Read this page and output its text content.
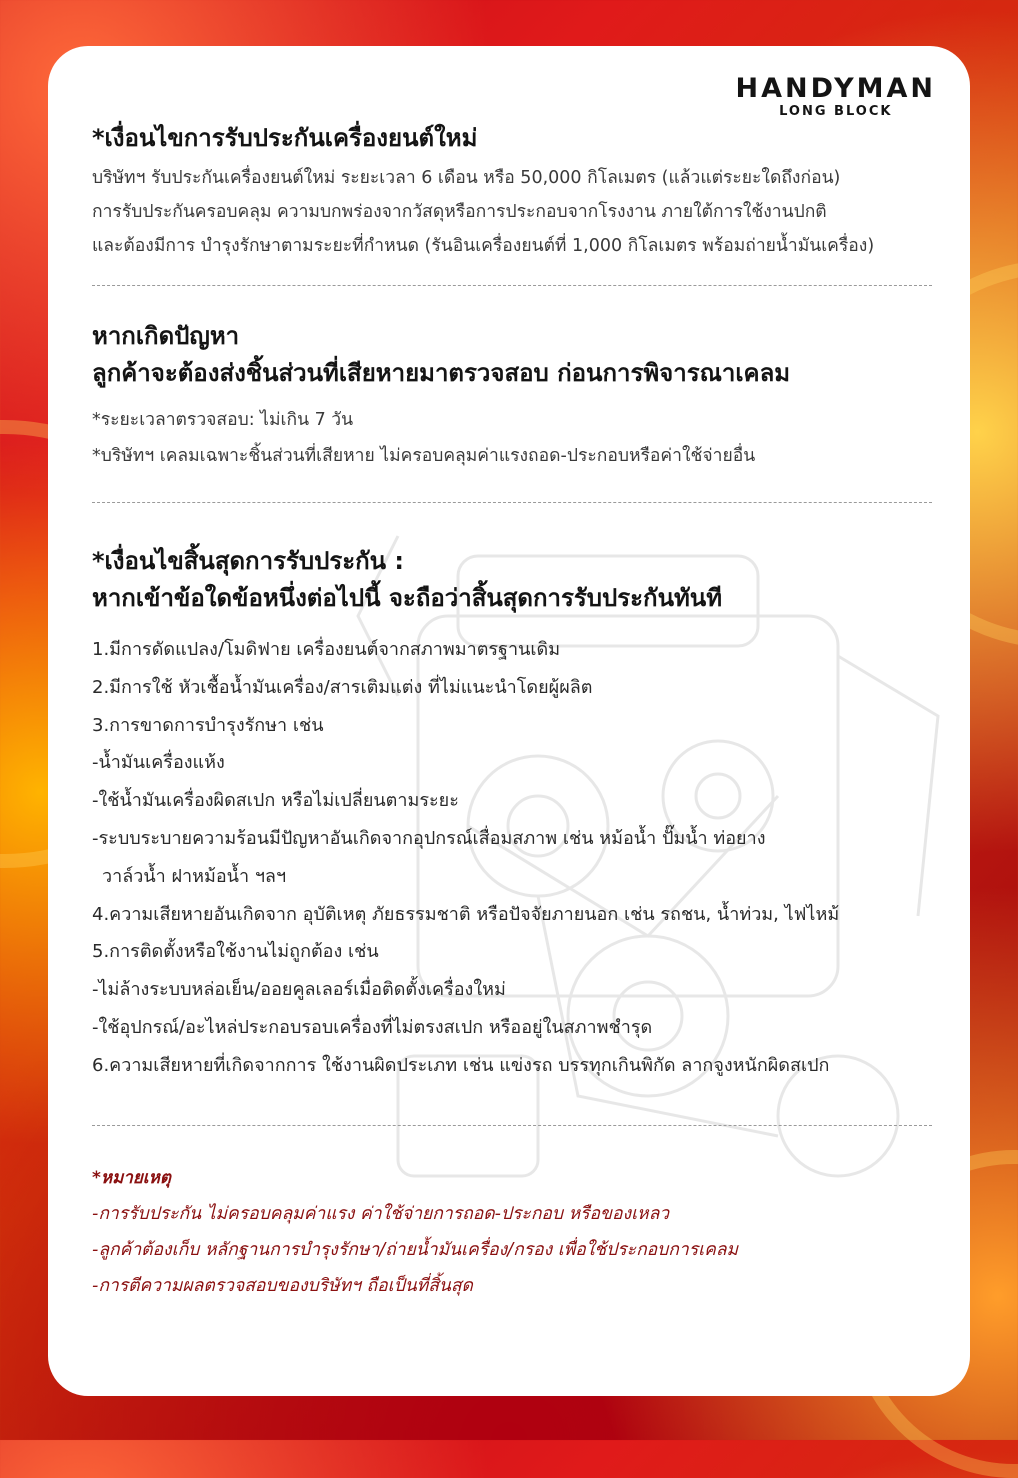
HANDYMAN
LONG BLOCK
*เงื่อนไขการรับประกันเครื่องยนต์ใหม่
บริษัทฯ รับประกันเครื่องยนต์ใหม่ ระยะเวลา 6 เดือน หรือ 50,000 กิโลเมตร (แล้วแต่ระยะใดถึงก่อน)
การรับประกันครอบคลุม ความบกพร่องจากวัสดุหรือการประกอบจากโรงงาน ภายใต้การใช้งานปกติ
และต้องมีการ บำรุงรักษาตามระยะที่กำหนด (รันอินเครื่องยนต์ที่ 1,000 กิโลเมตร พร้อมถ่ายน้ำมันเครื่อง)
หากเกิดปัญหา
ลูกค้าจะต้องส่งชิ้นส่วนที่เสียหายมาตรวจสอบ ก่อนการพิจารณาเคลม
*ระยะเวลาตรวจสอบ: ไม่เกิน 7 วัน
*บริษัทฯ เคลมเฉพาะชิ้นส่วนที่เสียหาย ไม่ครอบคลุมค่าแรงถอด-ประกอบหรือค่าใช้จ่ายอื่น
*เงื่อนไขสิ้นสุดการรับประกัน :
หากเข้าข้อใดข้อหนึ่งต่อไปนี้ จะถือว่าสิ้นสุดการรับประกันทันที
1.มีการดัดแปลง/โมดิฟาย เครื่องยนต์จากสภาพมาตรฐานเดิม
2.มีการใช้ หัวเชื้อน้ำมันเครื่อง/สารเติมแต่ง ที่ไม่แนะนำโดยผู้ผลิต
3.การขาดการบำรุงรักษา เช่น
-น้ำมันเครื่องแห้ง
-ใช้น้ำมันเครื่องผิดสเปก หรือไม่เปลี่ยนตามระยะ
-ระบบระบายความร้อนมีปัญหาอันเกิดจากอุปกรณ์เสื่อมสภาพ เช่น หม้อน้ำ ปั๊มน้ำ ท่อยาง
วาล์วน้ำ ฝาหม้อน้ำ ฯลฯ
4.ความเสียหายอันเกิดจาก อุบัติเหตุ ภัยธรรมชาติ หรือปัจจัยภายนอก เช่น รถชน, น้ำท่วม, ไฟไหม้
5.การติดตั้งหรือใช้งานไม่ถูกต้อง เช่น
-ไม่ล้างระบบหล่อเย็น/ออยคูลเลอร์เมื่อติดตั้งเครื่องใหม่
-ใช้อุปกรณ์/อะไหล่ประกอบรอบเครื่องที่ไม่ตรงสเปก หรืออยู่ในสภาพชำรุด
6.ความเสียหายที่เกิดจากการ ใช้งานผิดประเภท เช่น แข่งรถ บรรทุกเกินพิกัด ลากจูงหนักผิดสเปก
*หมายเหตุ
-การรับประกัน ไม่ครอบคลุมค่าแรง ค่าใช้จ่ายการถอด-ประกอบ หรือของเหลว
-ลูกค้าต้องเก็บ หลักฐานการบำรุงรักษา/ถ่ายน้ำมันเครื่อง/กรอง เพื่อใช้ประกอบการเคลม
-การตีความผลตรวจสอบของบริษัทฯ ถือเป็นที่สิ้นสุด
